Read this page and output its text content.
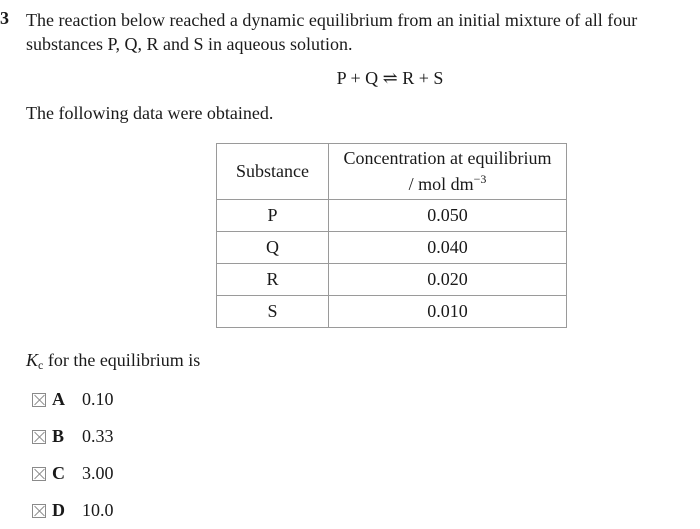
3 The reaction below reached a dynamic equilibrium from an initial mixture of all four substances P, Q, R and S in aqueous solution.
P + Q ⇌ R + S
The following data were obtained.
Substance	Concentration at equilibrium
/ mol $dm^{-3}$
P	0.050
Q	0.040
R	0.020
S	0.010
$K_c$ for the equilibrium is
A 0.10
B 0.33
C 3.00
D 10.0
